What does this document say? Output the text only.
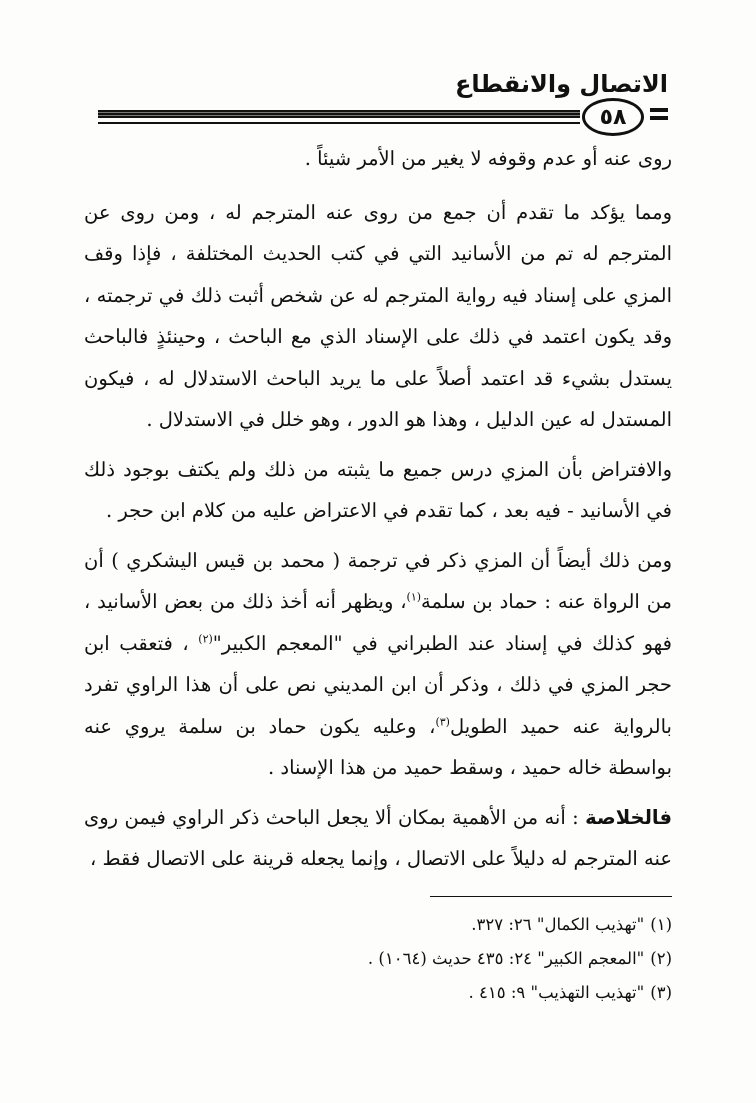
الاتصال والانقطاع
٥٨

روى عنه أو عدم وقوفه لا يغير من الأمر شيئاً .

ومما يؤكد ما تقدم أن جمع من روى عنه المترجم له ، ومن روى عن المترجم له تم من الأسانيد التي في كتب الحديث المختلفة ، فإذا وقف المزي على إسناد فيه رواية المترجم له عن شخص أثبت ذلك في ترجمته ، وقد يكون اعتمد في ذلك على الإسناد الذي مع الباحث ، وحينئذٍ فالباحث يستدل بشيء قد اعتمد أصلاً على ما يريد الباحث الاستدلال له ، فيكون المستدل له عين الدليل ، وهذا هو الدور ، وهو خلل في الاستدلال .

والافتراض بأن المزي درس جميع ما يثبته من ذلك ولم يكتف بوجود ذلك في الأسانيد - فيه بعد ، كما تقدم في الاعتراض عليه من كلام ابن حجر .

ومن ذلك أيضاً أن المزي ذكر في ترجمة ( محمد بن قيس اليشكري ) أن من الرواة عنه : حماد بن سلمة$^{(١)}$، ويظهر أنه أخذ ذلك من بعض الأسانيد ، فهو كذلك في إسناد عند الطبراني في "المعجم الكبير"$^{(٢)}$ ، فتعقب ابن حجر المزي في ذلك ، وذكر أن ابن المديني نص على أن هذا الراوي تفرد بالرواية عنه حميد الطويل$^{(٣)}$، وعليه يكون حماد بن سلمة يروي عنه بواسطة خاله حميد ، وسقط حميد من هذا الإسناد .

فالخلاصة : أنه من الأهمية بمكان ألا يجعل الباحث ذكر الراوي فيمن روى عنه المترجم له دليلاً على الاتصال ، وإنما يجعله قرينة على الاتصال فقط ،

(١)"تهذيب الكمال" ٢٦: ٣٢٧.
(٢)"المعجم الكبير" ٢٤: ٤٣٥ حديث (١٠٦٤) .
(٣)"تهذيب التهذيب" ٩: ٤١٥ .
